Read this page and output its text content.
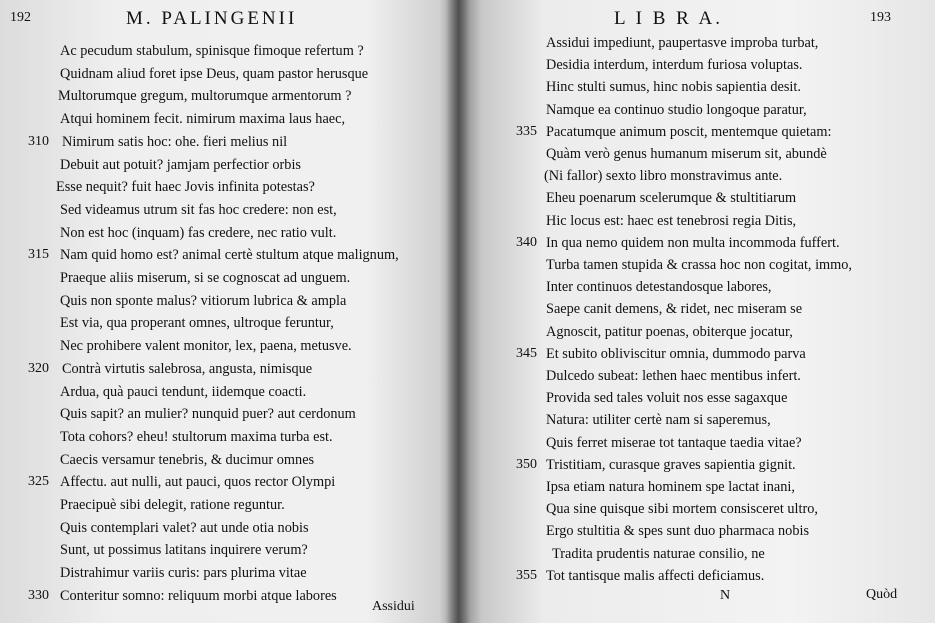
192	M. PALINGENII
Ac pecudum stabulum, spinisque fimoque refertum ?
Quidnam aliud foret ipse Deus, quam pastor herusque
Multorumque gregum, multorumque armentorum ?
Atqui hominem fecit. nimirum maxima laus haec,
Nimirum satis hoc: ohe. fieri melius nil
Debuit aut potuit? jamjam perfectior orbis
Esse nequit? fuit haec Jovis infinita potestas?
Sed videamus utrum sit fas hoc credere: non est,
Non est hoc (inquam) fas credere, nec ratio vult.
Nam quid homo est? animal certè stultum atque malignum,
Praeque aliis miserum, si se cognoscat ad unguem.
Quis non sponte malus? vitiorum lubrica & ampla
Est via, qua properant omnes, ultroque feruntur,
Nec prohibere valent monitor, lex, paena, metusve.
Contrà virtutis salebrosa, angusta, nimisque
Ardua, quà pauci tendunt, iidemque coacti.
Quis sapit? an mulier? nunquid puer? aut cerdonum
Tota cohors? eheu! stultorum maxima turba est.
Caecis versamur tenebris, & ducimur omnes
Affectu. aut nulli, aut pauci, quos rector Olympi
Praecipuè sibi delegit, ratione reguntur.
Quis contemplari valet? aut unde otia nobis
Sunt, ut possimus latitans inquirere verum?
Distrahimur variis curis: pars plurima vitae
Conteritur somno: reliquum morbi atque labores
310
315
320
325
330
Assidui
L I B R A.	193
Assidui impediunt, paupertasve improba turbat,
Desidia interdum, interdum furiosa voluptas.
Hinc stulti sumus, hinc nobis sapientia desit.
Namque ea continuo studio longoque paratur,
Pacatumque animum poscit, mentemque quietam:
Quàm verò genus humanum miserum sit, abundè
(Ni fallor) sexto libro monstravimus ante.
Eheu poenarum scelerumque & stultitiarum
Hic locus est: haec est tenebrosi regia Ditis,
In qua nemo quidem non multa incommoda fuffert.
Turba tamen stupida & crassa hoc non cogitat, immo,
Inter continuos detestandosque labores,
Saepe canit demens, & ridet, nec miseram se
Agnoscit, patitur poenas, obiterque jocatur,
Et subito obliviscitur omnia, dummodo parva
Dulcedo subeat: lethen haec mentibus infert.
Provida sed tales voluit nos esse sagaxque
Natura: utiliter certè nam si saperemus,
Quis ferret miserae tot tantaque taedia vitae?
Tristitiam, curasque graves sapientia gignit.
Ipsa etiam natura hominem spe lactat inani,
Qua sine quisque sibi mortem consisceret ultro,
Ergo stultitia & spes sunt duo pharmaca nobis
Tradita prudentis naturae consilio, ne
Tot tantisque malis affecti deficiamus.
335
340
345
350
355
N	Quòd
